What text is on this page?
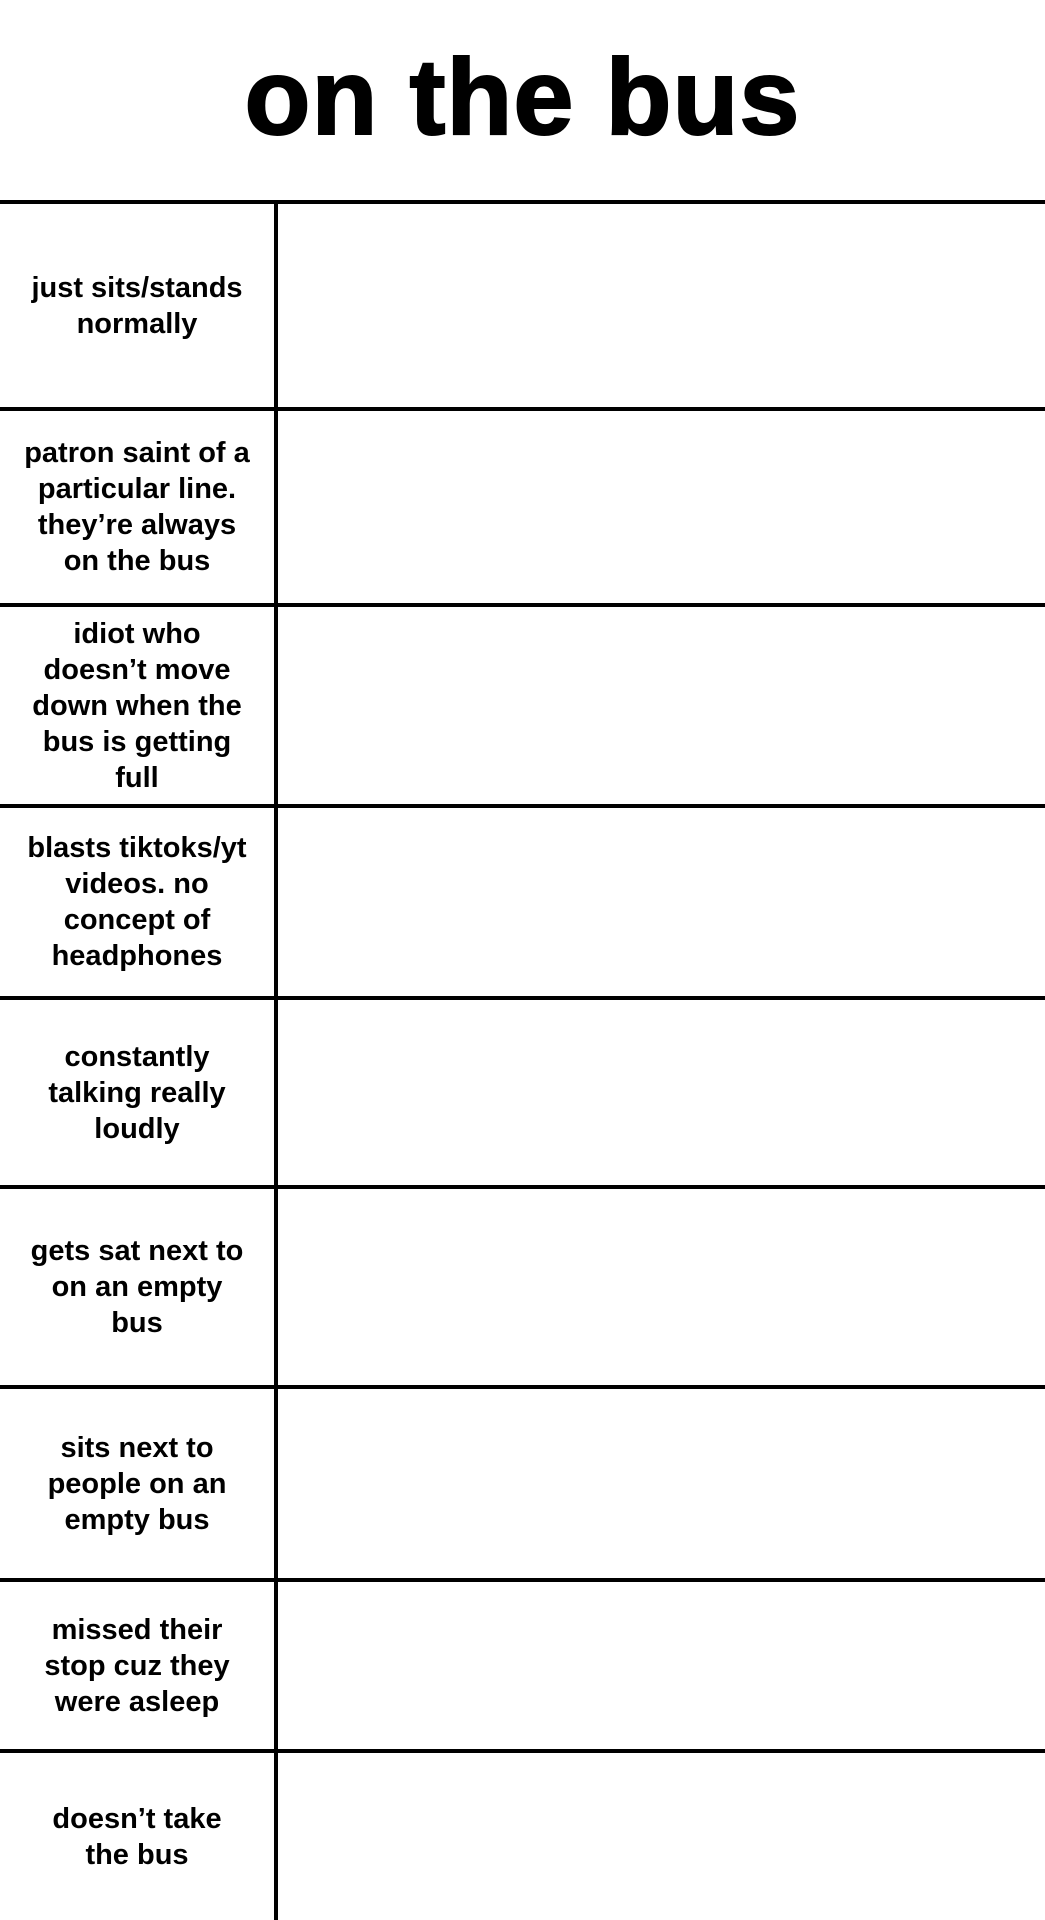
on the bus
just sits/stands
normally
patron saint of a
particular line.
they’re always
on the bus
idiot who
doesn’t move
down when the
bus is getting
full
blasts tiktoks/yt
videos. no
concept of
headphones
constantly
talking really
loudly
gets sat next to
on an empty
bus
sits next to
people on an
empty bus
missed their
stop cuz they
were asleep
doesn’t take
the bus
